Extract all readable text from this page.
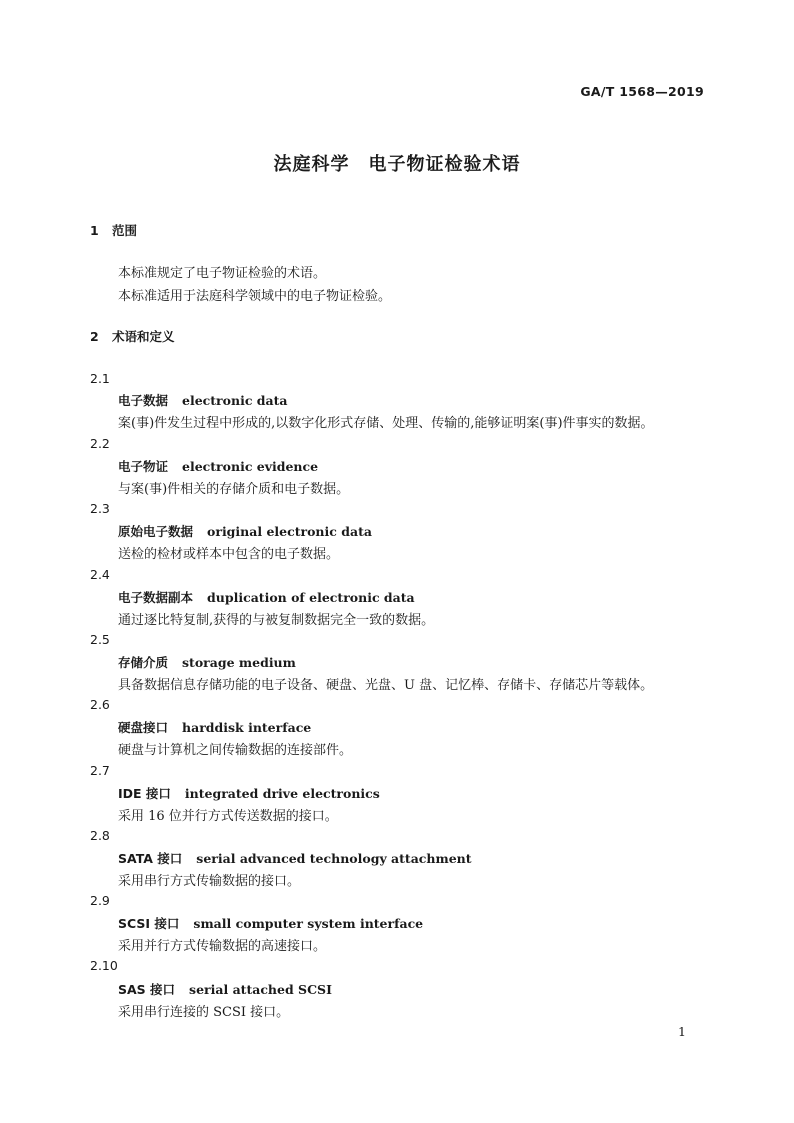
GA/T 1568—2019
法庭科学　电子物证检验术语
1 范围
本标准规定了电子物证检验的术语。
本标准适用于法庭科学领域中的电子物证检验。
2 术语和定义
2.1
电子数据 electronic data
案(事)件发生过程中形成的,以数字化形式存储、处理、传输的,能够证明案(事)件事实的数据。
2.2
电子物证 electronic evidence
与案(事)件相关的存储介质和电子数据。
2.3
原始电子数据 original electronic data
送检的检材或样本中包含的电子数据。
2.4
电子数据副本 duplication of electronic data
通过逐比特复制,获得的与被复制数据完全一致的数据。
2.5
存储介质 storage medium
具备数据信息存储功能的电子设备、硬盘、光盘、U 盘、记忆棒、存储卡、存储芯片等载体。
2.6
硬盘接口 harddisk interface
硬盘与计算机之间传输数据的连接部件。
2.7
IDE 接口 integrated drive electronics
采用 16 位并行方式传送数据的接口。
2.8
SATA 接口 serial advanced technology attachment
采用串行方式传输数据的接口。
2.9
SCSI 接口 small computer system interface
采用并行方式传输数据的高速接口。
2.10
SAS 接口 serial attached SCSI
采用串行连接的 SCSI 接口。
1
